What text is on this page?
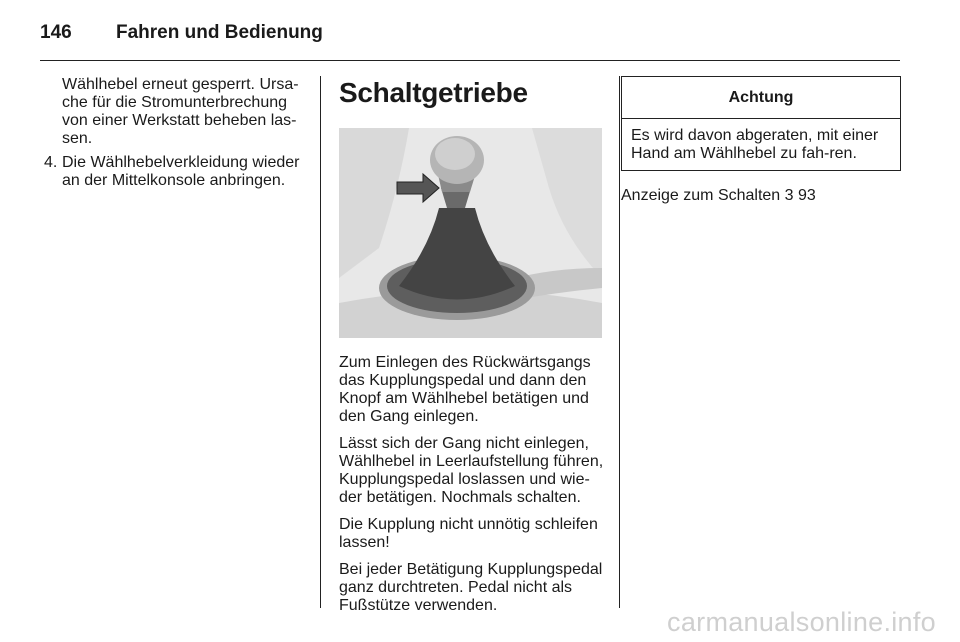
146 Fahren und Bedienung

Wählhebel erneut gesperrt. Ursa-che für die Stromunterbrechung von einer Werkstatt beheben las-sen.

4. Die Wählhebelverkleidung wieder an der Mittelkonsole anbringen.
Schaltgetriebe

Zum Einlegen des Rückwärtsgangs das Kupplungspedal und dann den Knopf am Wählhebel betätigen und den Gang einlegen.

Lässt sich der Gang nicht einlegen, Wählhebel in Leerlaufstellung führen, Kupplungspedal loslassen und wie-der betätigen. Nochmals schalten.

Die Kupplung nicht unnötig schleifen lassen!

Bei jeder Betätigung Kupplungspedal ganz durchtreten. Pedal nicht als Fußstütze verwenden.

Achtung
Es wird davon abgeraten, mit einer Hand am Wählhebel zu fah-ren.
Anzeige zum Schalten 3 93
carmanualsonline.info
